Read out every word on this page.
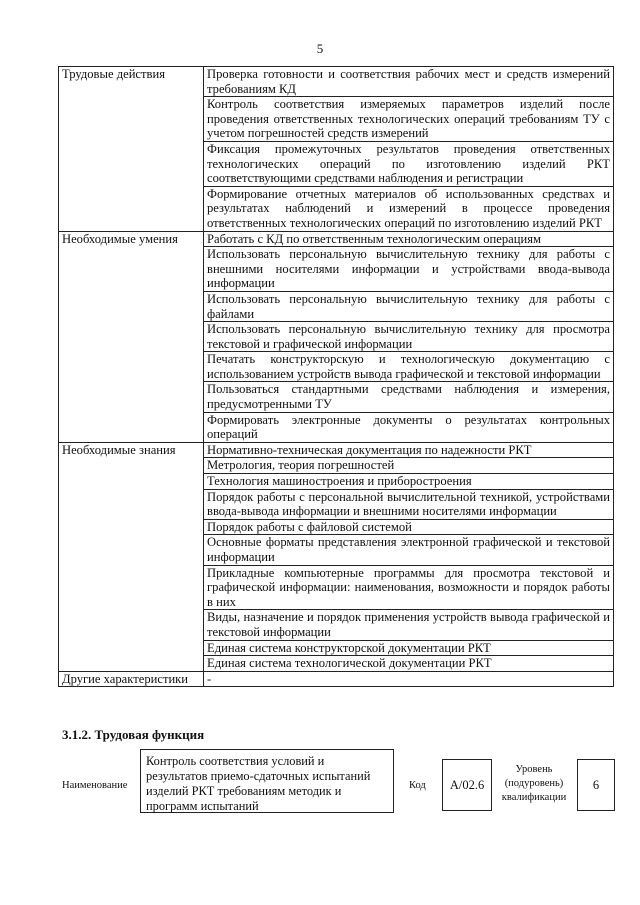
5
Трудовые действия	Проверка готовности и соответствия рабочих мест и средств измерений требованиям КД
	Контроль соответствия измеряемых параметров изделий после проведения ответственных технологических операций требованиям ТУ с учетом погрешностей средств измерений
	Фиксация промежуточных результатов проведения ответственных технологических операций по изготовлению изделий РКТ соответствующими средствами наблюдения и регистрации
	Формирование отчетных материалов об использованных средствах и результатах наблюдений и измерений в процессе проведения ответственных технологических операций по изготовлению изделий РКТ
Необходимые умения	Работать с КД по ответственным технологическим операциям
	Использовать персональную вычислительную технику для работы с внешними носителями информации и устройствами ввода-вывода информации
	Использовать персональную вычислительную технику для работы с файлами
	Использовать персональную вычислительную технику для просмотра текстовой и графической информации
	Печатать конструкторскую и технологическую документацию с использованием устройств вывода графической и текстовой информации
	Пользоваться стандартными средствами наблюдения и измерения, предусмотренными ТУ
	Формировать электронные документы о результатах контрольных операций
Необходимые знания	Нормативно-техническая документация по надежности РКТ
	Метрология, теория погрешностей
	Технология машиностроения и приборостроения
	Порядок работы с персональной вычислительной техникой, устройствами ввода-вывода информации и внешними носителями информации
	Порядок работы с файловой системой
	Основные форматы представления электронной графической и текстовой информации
	Прикладные компьютерные программы для просмотра текстовой и графической информации: наименования, возможности и порядок работы в них
	Виды, назначение и порядок применения устройств вывода графической и текстовой информации
	Единая система конструкторской документации РКТ
	Единая система технологической документации РКТ
Другие характеристики	-
3.1.2. Трудовая функция
Наименование
Контроль соответствия условий и результатов приемо-сдаточных испытаний изделий РКТ требованиям методик и программ испытаний
Код	А/02.6
Уровень (подуровень) квалификации
6
